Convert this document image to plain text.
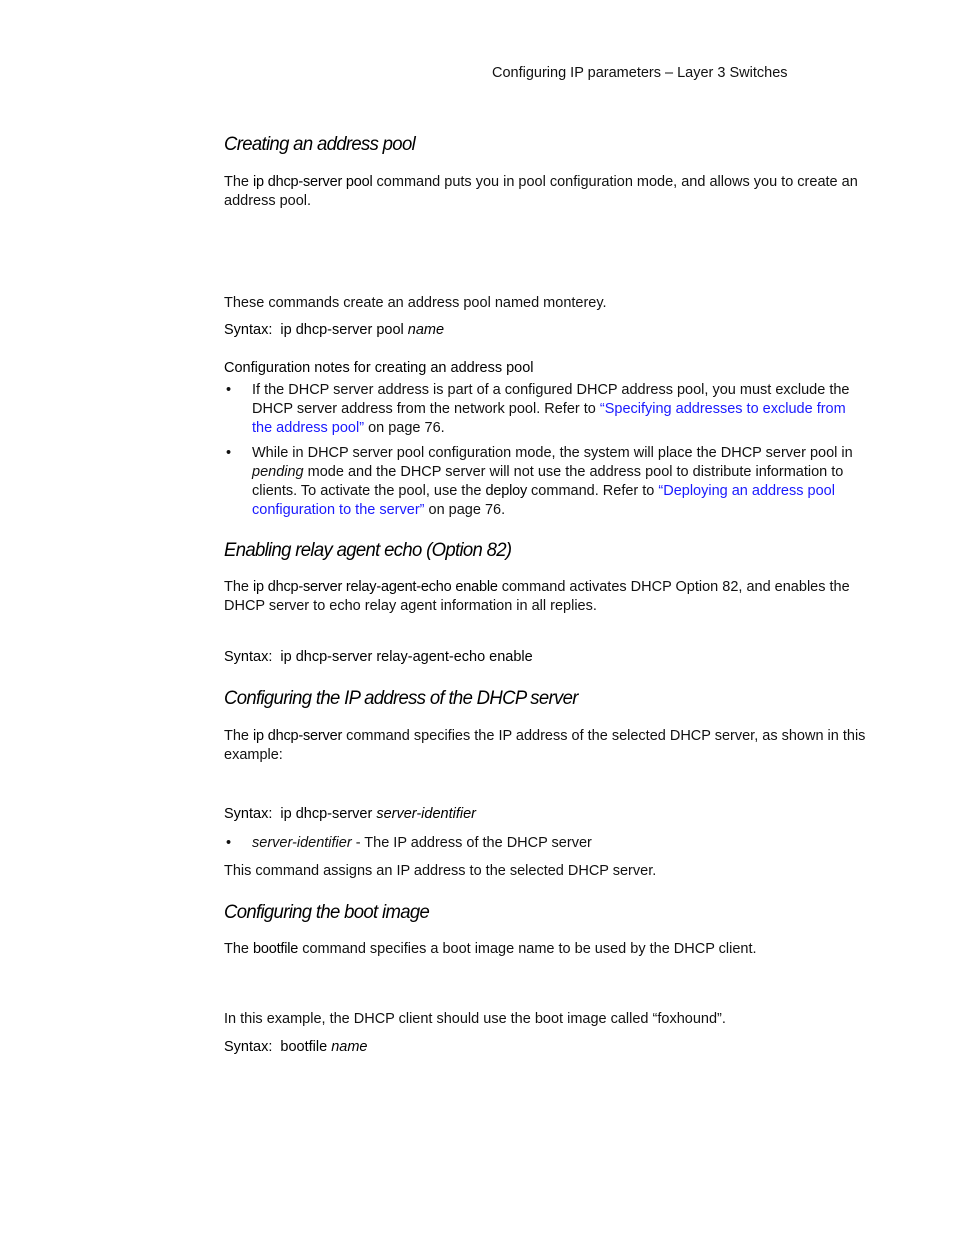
Configuring IP parameters – Layer 3 Switches
Creating an address pool

The ip dhcp-server pool command puts you in pool configuration mode, and allows you to create an address pool.

These commands create an address pool named monterey.

Syntax: ip dhcp-server pool name
Configuration notes for creating an address pool
• If the DHCP server address is part of a configured DHCP address pool, you must exclude the DHCP server address from the network pool. Refer to “Specifying addresses to exclude from the address pool” on page 76.
• While in DHCP server pool configuration mode, the system will place the DHCP server pool in pending mode and the DHCP server will not use the address pool to distribute information to clients. To activate the pool, use the deploy command. Refer to “Deploying an address pool configuration to the server” on page 76.
Enabling relay agent echo (Option 82)

The ip dhcp-server relay-agent-echo enable command activates DHCP Option 82, and enables the DHCP server to echo relay agent information in all replies.

Syntax: ip dhcp-server relay-agent-echo enable
Configuring the IP address of the DHCP server

The ip dhcp-server command specifies the IP address of the selected DHCP server, as shown in this example:

Syntax: ip dhcp-server server-identifier
• server-identifier - The IP address of the DHCP server

This command assigns an IP address to the selected DHCP server.

Configuring the boot image

The bootfile command specifies a boot image name to be used by the DHCP client.

In this example, the DHCP client should use the boot image called “foxhound”.

Syntax: bootfile name
